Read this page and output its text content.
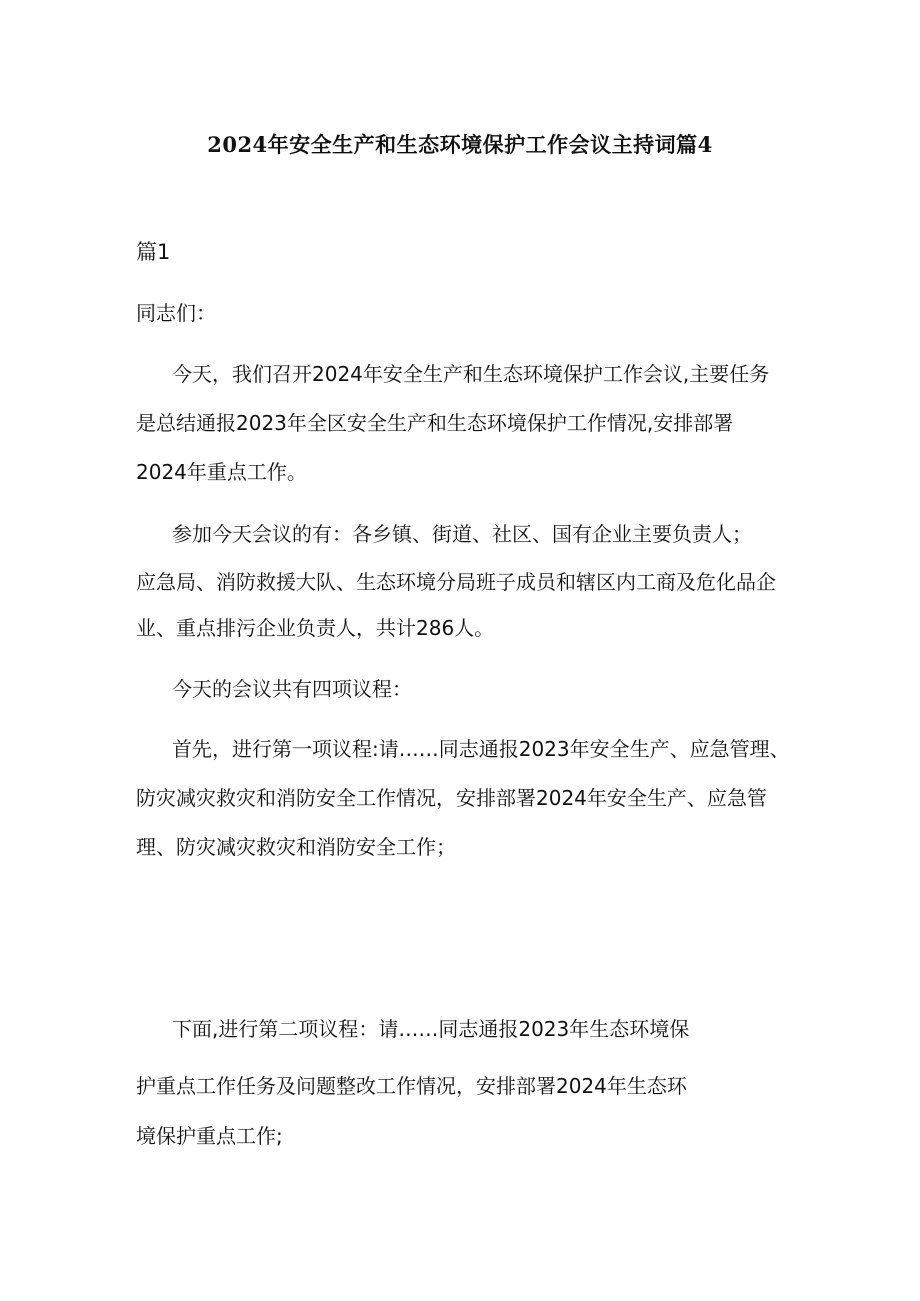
2024年安全生产和生态环境保护工作会议主持词篇4
篇1
同志们：
今天，我们召开2024年安全生产和生态环境保护工作会议,主要任务
是总结通报2023年全区安全生产和生态环境保护工作情况,安排部署
2024年重点工作。
参加今天会议的有：各乡镇、街道、社区、国有企业主要负责人；
应急局、消防救援大队、生态环境分局班子成员和辖区内工商及危化品企
业、重点排污企业负责人，共计286人。
今天的会议共有四项议程：
首先，进行第一项议程:请……同志通报2023年安全生产、应急管理、
防灾减灾救灾和消防安全工作情况，安排部署2024年安全生产、应急管
理、防灾减灾救灾和消防安全工作；
下面,进行第二项议程：请……同志通报2023年生态环境保
护重点工作任务及问题整改工作情况，安排部署2024年生态环
境保护重点工作;
